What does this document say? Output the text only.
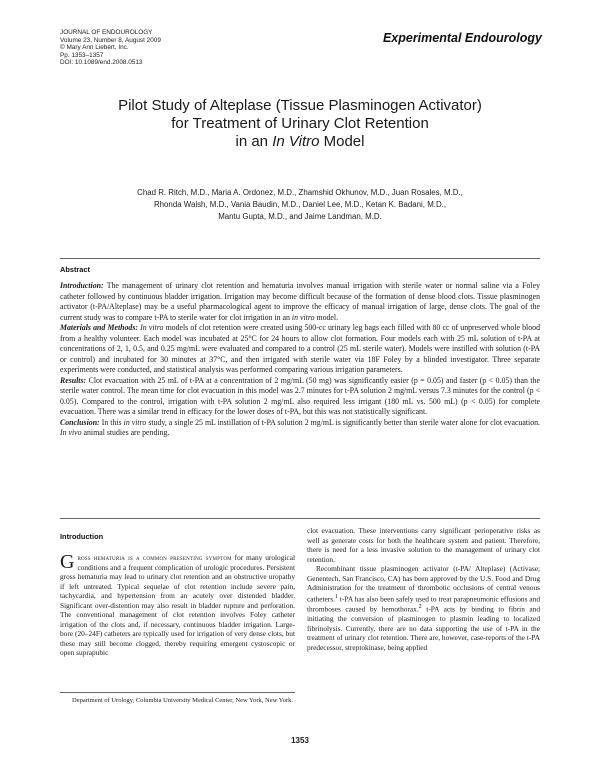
JOURNAL OF ENDOUROLOGY
Volume 23, Number 8, August 2009
© Mary Ann Liebert, Inc.
Pp. 1353–1357
DOI: 10.1089/end.2008.0513
Experimental Endourology
Pilot Study of Alteplase (Tissue Plasminogen Activator)
for Treatment of Urinary Clot Retention
in an In Vitro Model
Chad R. Ritch, M.D., Maria A. Ordonez, M.D., Zhamshid Okhunov, M.D., Juan Rosales, M.D.,
Rhonda Walsh, M.D., Vania Baudin, M.D., Daniel Lee, M.D., Ketan K. Badani, M.D.,
Mantu Gupta, M.D., and Jaime Landman, M.D.
Abstract

Introduction: The management of urinary clot retention and hematuria involves manual irrigation with sterile water or normal saline via a Foley catheter followed by continuous bladder irrigation. Irrigation may become difficult because of the formation of dense blood clots. Tissue plasminogen activator (t-PA/Alteplase) may be a useful pharmacological agent to improve the efficacy of manual irrigation of large, dense clots. The goal of the current study was to compare t-PA to sterile water for clot irrigation in an in vitro model.

Materials and Methods: In vitro models of clot retention were created using 500-cc urinary leg bags each filled with 80 cc of unpreserved whole blood from a healthy volunteer. Each model was incubated at 25°C for 24 hours to allow clot formation. Four models each with 25 mL solution of t-PA at concentrations of 2, 1, 0.5, and 0.25 mg/mL were evaluated and compared to a control (25 mL sterile water). Models were instilled with solution (t-PA or control) and incubated for 30 minutes at 37°C, and then irrigated with sterile water via 18F Foley by a blinded investigator. Three separate experiments were conducted, and statistical analysis was performed comparing various irrigation parameters.

Results: Clot evacuation with 25 mL of t-PA at a concentration of 2 mg/mL (50 mg) was significantly easier (p = 0.05) and faster (p < 0.05) than the sterile water control. The mean time for clot evacuation in this model was 2.7 minutes for t-PA solution 2 mg/mL versus 7.3 minutes for the control (p < 0.05). Compared to the control, irrigation with t-PA solution 2 mg/mL also required less irrigant (180 mL vs. 500 mL) (p < 0.05) for complete evacuation. There was a similar trend in efficacy for the lower doses of t-PA, but this was not statistically significant.

Conclusion: In this in vitro study, a single 25 mL instillation of t-PA solution 2 mg/mL is significantly better than sterile water alone for clot evacuation. In vivo animal studies are pending.

Introduction

Gross hematuria is a common presenting symptom for many urological conditions and a frequent complication of urologic procedures. Persistent gross hematuria may lead to urinary clot retention and an obstructive uropathy if left untreated. Typical sequelae of clot retention include severe pain, tachycardia, and hypertension from an acutely over distended bladder. Significant over-distention may also result in bladder rupture and perforation. The conventional management of clot retention involves Foley catheter irrigation of the clots and, if necessary, continuous bladder irrigation. Large-bore (20–24F) catheters are typically used for irrigation of very dense clots, but these may still become clogged, thereby requiring emergent cystoscopic or open suprapubic

clot evacuation. These interventions carry significant perioperative risks as well as generate costs for both the healthcare system and patient. Therefore, there is need for a less invasive solution to the management of urinary clot retention.

Recombinant tissue plasminogen activator (t-PA/ Alteplase) (Activase; Genentech, San Francisco, CA) has been approved by the U.S. Food and Drug Administration for the treatment of thrombotic occlusions of central venous catheters.$^1$ t-PA has also been safely used to treat parapneumonic effusions and thromboses caused by hemothorax.$^2$ t-PA acts by binding to fibrin and initiating the conversion of plasminogen to plasmin leading to localized fibrinolysis. Currently, there are no data supporting the use of t-PA in the treatment of urinary clot retention. There are, however, case-reports of the t-PA predecessor, streptokinase, being applied

Department of Urology, Columbia University Medical Center, New York, New York.
1353
